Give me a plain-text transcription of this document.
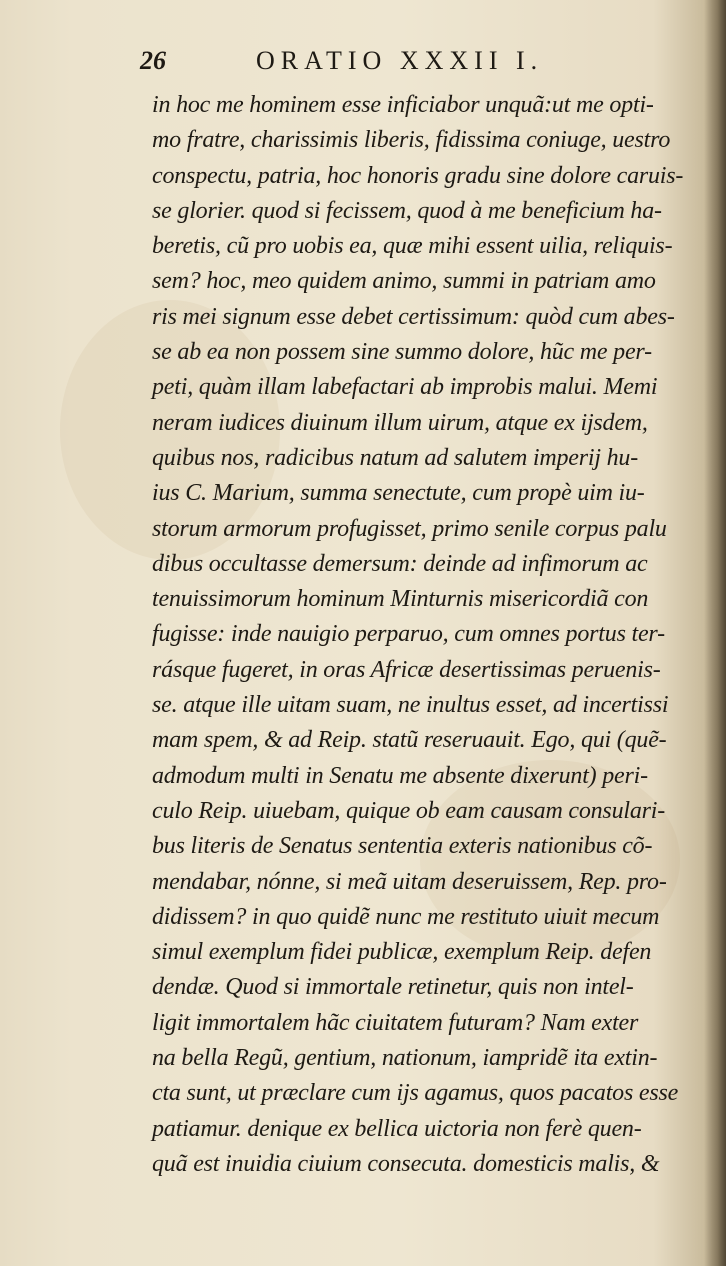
26	ORATIO XXXII I.
in hoc me hominem esse inficiabor unquã:ut me opti-
mo fratre, charissimis liberis, fidissima coniuge, uestro
conspectu, patria, hoc honoris gradu sine dolore caruis-
se glorier. quod si fecissem, quod à me beneficium ha-
beretis, cũ pro uobis ea, quæ mihi essent uilia, reliquis-
sem? hoc, meo quidem animo, summi in patriam amo
ris mei signum esse debet certissimum: quòd cum abes-
se ab ea non possem sine summo dolore, hũc me per-
peti, quàm illam labefactari ab improbis malui. Memi
neram iudices diuinum illum uirum, atque ex ijsdem,
quibus nos, radicibus natum ad salutem imperij hu-
ius C. Marium, summa senectute, cum propè uim iu-
storum armorum profugisset, primo senile corpus palu
dibus occultasse demersum: deinde ad infimorum ac
tenuissimorum hominum Minturnis misericordiã con
fugisse: inde nauigio perparuo, cum omnes portus ter-
rásque fugeret, in oras Africæ desertissimas peruenis-
se. atque ille uitam suam, ne inultus esset, ad incertissi
mam spem, & ad Reip. statũ reseruauit. Ego, qui (quẽ-
admodum multi in Senatu me absente dixerunt) peri-
culo Reip. uiuebam, quique ob eam causam consulari-
bus literis de Senatus sententia exteris nationibus cõ-
mendabar, nónne, si meã uitam deseruissem, Rep. pro-
didissem? in quo quidẽ nunc me restituto uiuit mecum
simul exemplum fidei publicæ, exemplum Reip. defen
dendæ. Quod si immortale retinetur, quis non intel-
ligit immortalem hãc ciuitatem futuram? Nam exter
na bella Regũ, gentium, nationum, iampridẽ ita extin-
cta sunt, ut præclare cum ijs agamus, quos pacatos esse
patiamur. denique ex bellica uictoria non ferè quen-
quã est inuidia ciuium consecuta. domesticis malis, &
